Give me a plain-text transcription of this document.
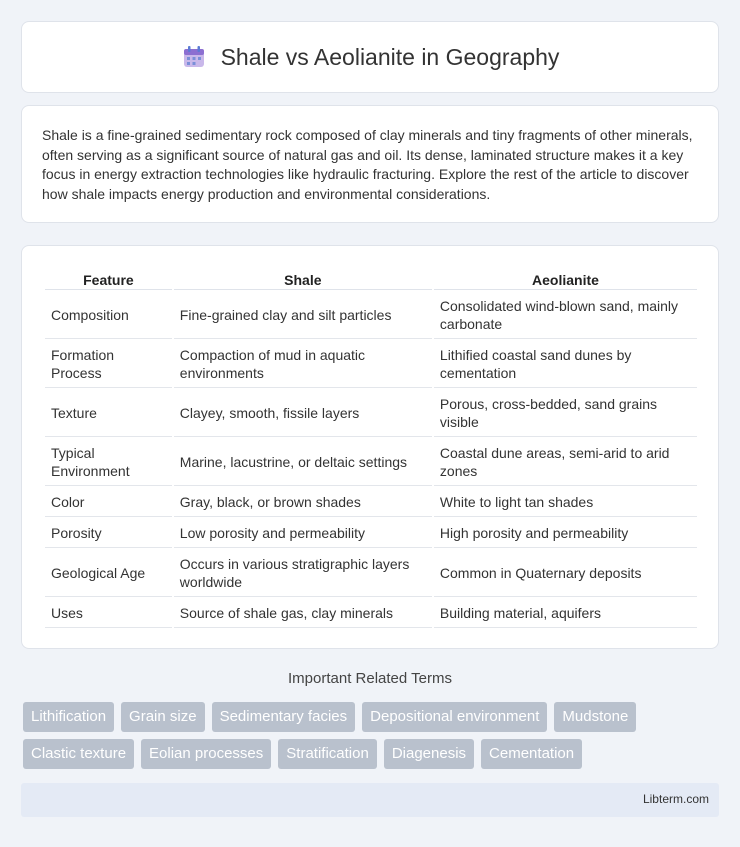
Shale vs Aeolianite in Geography

Shale is a fine-grained sedimentary rock composed of clay minerals and tiny fragments of other minerals, often serving as a significant source of natural gas and oil. Its dense, laminated structure makes it a key focus in energy extraction technologies like hydraulic fracturing. Explore the rest of the article to discover how shale impacts energy production and environmental considerations.

Feature	Shale	Aeolianite
Composition	Fine-grained clay and silt particles	Consolidated wind-blown sand, mainly carbonate
Formation Process	Compaction of mud in aquatic environments	Lithified coastal sand dunes by cementation
Texture	Clayey, smooth, fissile layers	Porous, cross-bedded, sand grains visible
Typical Environment	Marine, lacustrine, or deltaic settings	Coastal dune areas, semi-arid to arid zones
Color	Gray, black, or brown shades	White to light tan shades
Porosity	Low porosity and permeability	High porosity and permeability
Geological Age	Occurs in various stratigraphic layers worldwide	Common in Quaternary deposits
Uses	Source of shale gas, clay minerals	Building material, aquifers
Important Related Terms
Lithification	Grain size	Sedimentary facies	Depositional environment	Mudstone
Clastic texture	Eolian processes	Stratification	Diagenesis	Cementation
Libterm.com
